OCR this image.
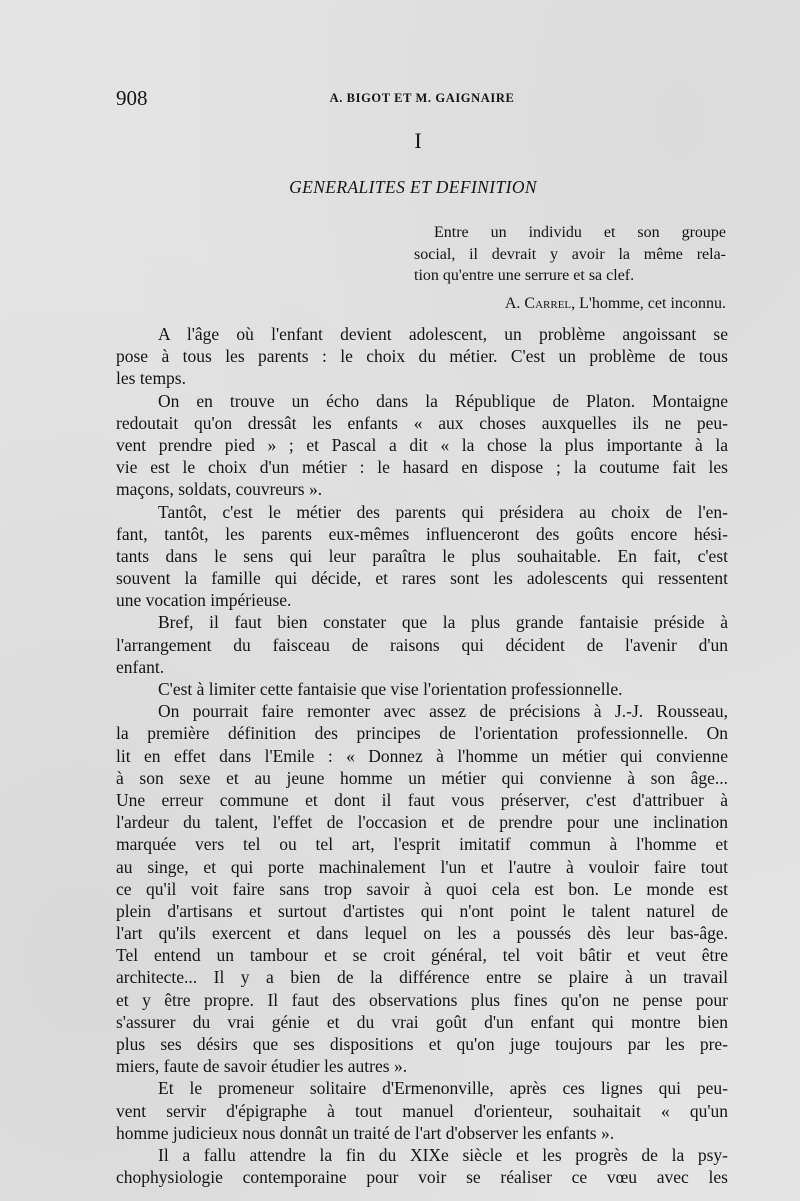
908	A. BIGOT ET M. GAIGNAIRE
I
GENERALITES ET DEFINITION
Entre un individu et son groupe
social, il devrait y avoir la même rela-
tion qu'entre une serrure et sa clef.
A. Carrel, L'homme, cet inconnu.
A l'âge où l'enfant devient adolescent, un problème angoissant se
pose à tous les parents : le choix du métier. C'est un problème de tous
les temps.
On en trouve un écho dans la République de Platon. Montaigne
redoutait qu'on dressât les enfants « aux choses auxquelles ils ne peu-
vent prendre pied » ; et Pascal a dit « la chose la plus importante à la
vie est le choix d'un métier : le hasard en dispose ; la coutume fait les
maçons, soldats, couvreurs ».
Tantôt, c'est le métier des parents qui présidera au choix de l'en-
fant, tantôt, les parents eux-mêmes influenceront des goûts encore hési-
tants dans le sens qui leur paraîtra le plus souhaitable. En fait, c'est
souvent la famille qui décide, et rares sont les adolescents qui ressentent
une vocation impérieuse.
Bref, il faut bien constater que la plus grande fantaisie préside à
l'arrangement du faisceau de raisons qui décident de l'avenir d'un
enfant.
C'est à limiter cette fantaisie que vise l'orientation professionnelle.
On pourrait faire remonter avec assez de précisions à J.-J. Rousseau,
la première définition des principes de l'orientation professionnelle. On
lit en effet dans l'Emile : « Donnez à l'homme un métier qui convienne
à son sexe et au jeune homme un métier qui convienne à son âge...
Une erreur commune et dont il faut vous préserver, c'est d'attribuer à
l'ardeur du talent, l'effet de l'occasion et de prendre pour une inclination
marquée vers tel ou tel art, l'esprit imitatif commun à l'homme et
au singe, et qui porte machinalement l'un et l'autre à vouloir faire tout
ce qu'il voit faire sans trop savoir à quoi cela est bon. Le monde est
plein d'artisans et surtout d'artistes qui n'ont point le talent naturel de
l'art qu'ils exercent et dans lequel on les a poussés dès leur bas-âge.
Tel entend un tambour et se croit général, tel voit bâtir et veut être
architecte... Il y a bien de la différence entre se plaire à un travail
et y être propre. Il faut des observations plus fines qu'on ne pense pour
s'assurer du vrai génie et du vrai goût d'un enfant qui montre bien
plus ses désirs que ses dispositions et qu'on juge toujours par les pre-
miers, faute de savoir étudier les autres ».
Et le promeneur solitaire d'Ermenonville, après ces lignes qui peu-
vent servir d'épigraphe à tout manuel d'orienteur, souhaitait « qu'un
homme judicieux nous donnât un traité de l'art d'observer les enfants ».
Il a fallu attendre la fin du XIXe siècle et les progrès de la psy-
chophysiologie contemporaine pour voir se réaliser ce vœu avec les
